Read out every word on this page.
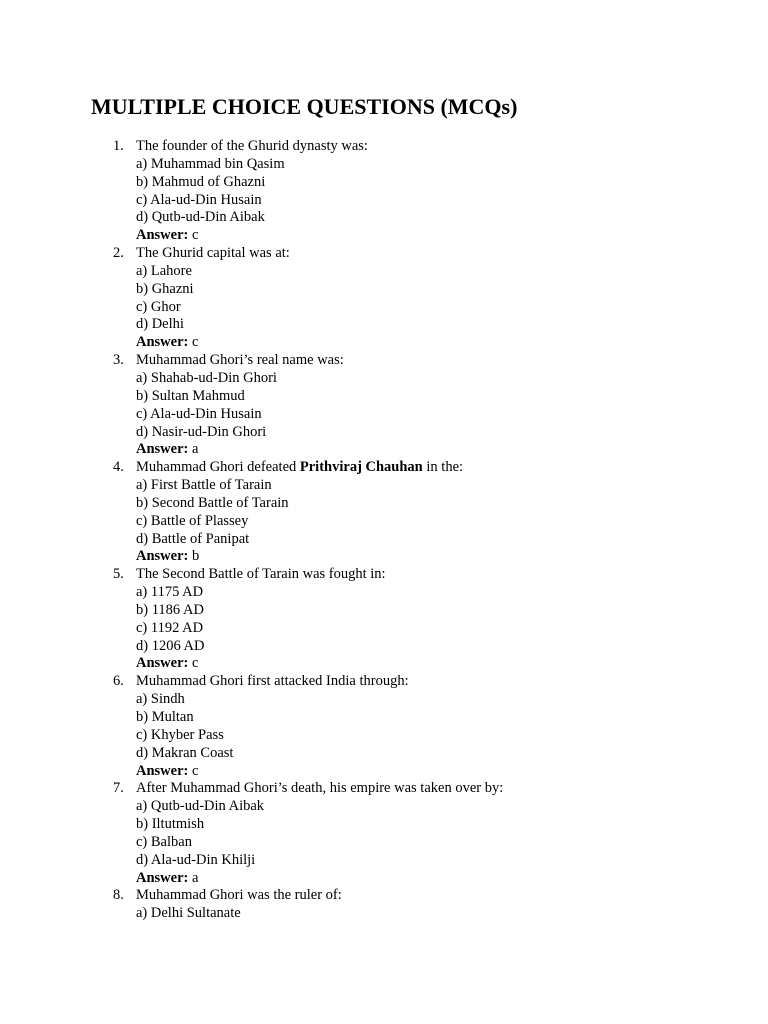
MULTIPLE CHOICE QUESTIONS (MCQs)
1. The founder of the Ghurid dynasty was:
a) Muhammad bin Qasim
b) Mahmud of Ghazni
c) Ala-ud-Din Husain
d) Qutb-ud-Din Aibak
Answer: c
2. The Ghurid capital was at:
a) Lahore
b) Ghazni
c) Ghor
d) Delhi
Answer: c
3. Muhammad Ghori’s real name was:
a) Shahab-ud-Din Ghori
b) Sultan Mahmud
c) Ala-ud-Din Husain
d) Nasir-ud-Din Ghori
Answer: a
4. Muhammad Ghori defeated Prithviraj Chauhan in the:
a) First Battle of Tarain
b) Second Battle of Tarain
c) Battle of Plassey
d) Battle of Panipat
Answer: b
5. The Second Battle of Tarain was fought in:
a) 1175 AD
b) 1186 AD
c) 1192 AD
d) 1206 AD
Answer: c
6. Muhammad Ghori first attacked India through:
a) Sindh
b) Multan
c) Khyber Pass
d) Makran Coast
Answer: c
7. After Muhammad Ghori’s death, his empire was taken over by:
a) Qutb-ud-Din Aibak
b) Iltutmish
c) Balban
d) Ala-ud-Din Khilji
Answer: a
8. Muhammad Ghori was the ruler of:
a) Delhi Sultanate
